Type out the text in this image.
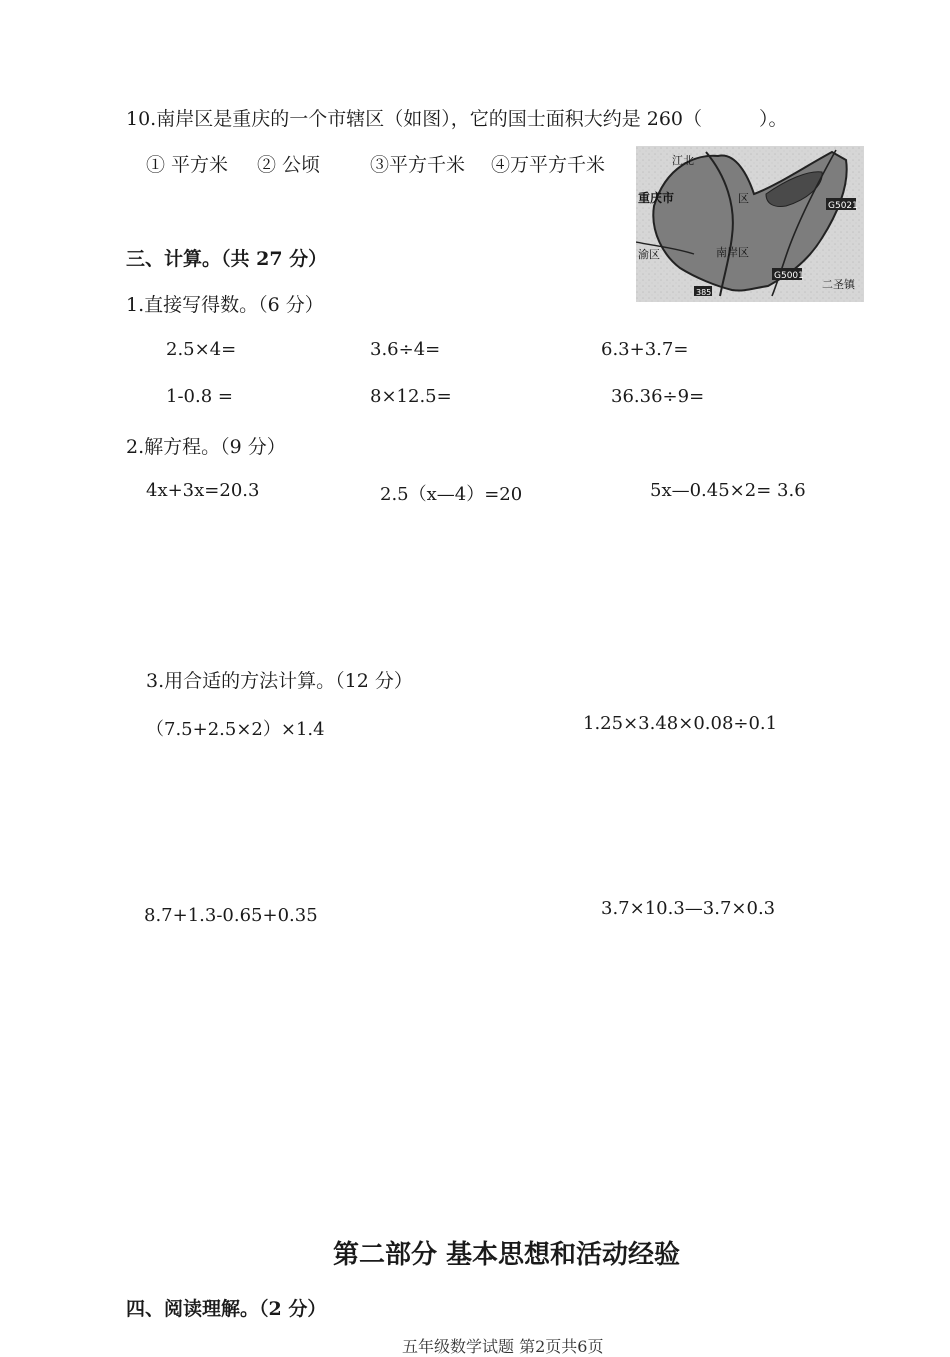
10.南岸区是重庆的一个市辖区（如图），它的国士面积大约是 260（　　　）。
① 平方米 ② 公顷	③平方千米 ④万平方千米	江北
重庆市
南岸区
G5021
G5001
二圣镇
渝区
385
区
三、计算。（共 27 分）
1.直接写得数。（6 分）
2.5×4=	3.6÷4=	6.3+3.7=
1-0.8 =	8×12.5=	36.36÷9=
2.解方程。（9 分）
4x+3x=20.3	2.5（x—4）=20	5x—0.45×2= 3.6
3.用合适的方法计算。（12 分）
（7.5+2.5×2）×1.4	1.25×3.48×0.08÷0.1
8.7+1.3-0.65+0.35	3.7×10.3—3.7×0.3
第二部分 基本思想和活动经验
四、阅读理解。（2 分）
五年级数学试题 第2页共6页
